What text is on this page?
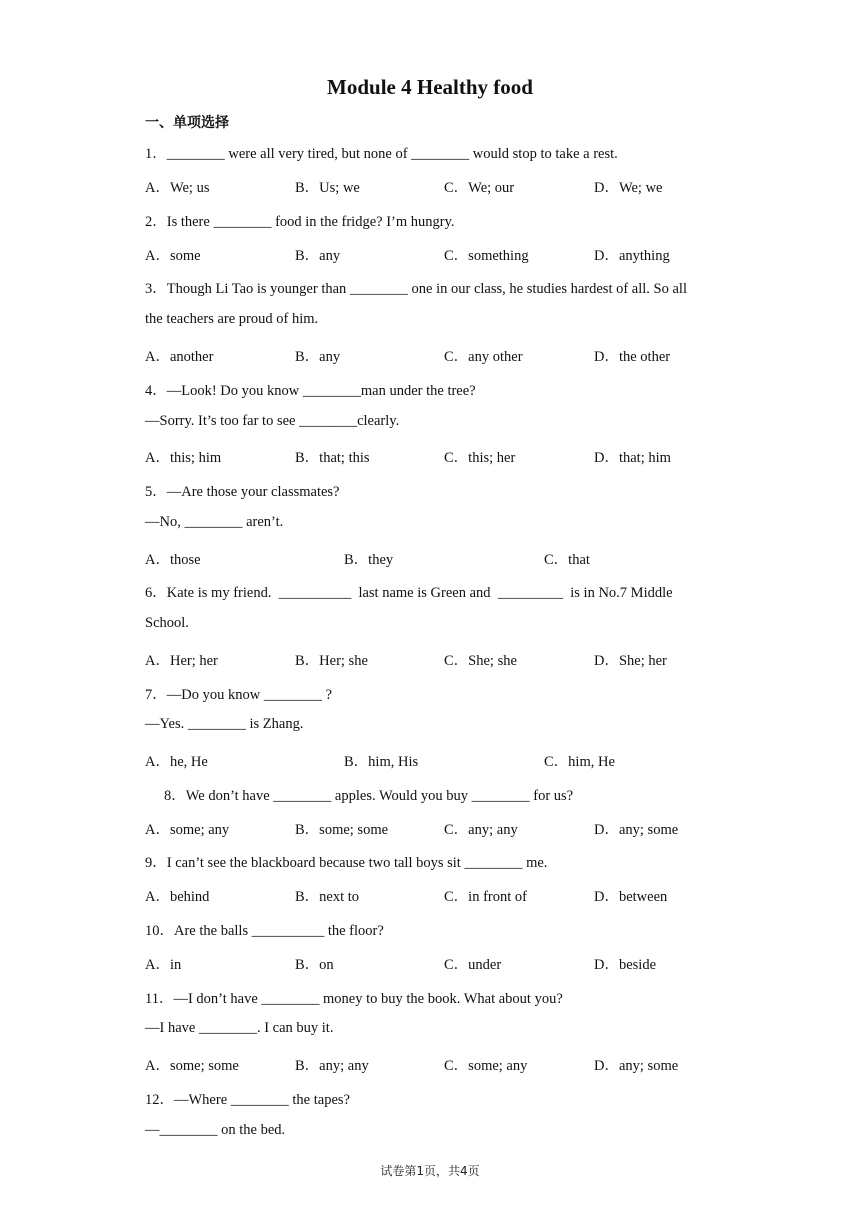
Module 4 Healthy food
一、单项选择
1．________ were all very tired, but none of ________ would stop to take a rest.
A．We; us	B．Us; we	C．We; our	D．We; we
2．Is there ________ food in the fridge? I’m hungry.
A．some	B．any	C．something	D．anything
3．Though Li Tao is younger than ________ one in our class, he studies hardest of all. So all
the teachers are proud of him.
A．another	B．any	C．any other	D．the other
4．—Look! Do you know ________man under the tree?
—Sorry. It’s too far to see ________clearly.
A．this; him	B．that; this	C．this; her	D．that; him
5．—Are those your classmates?
—No, ________ aren’t.
A．those	B．they	C．that
6．Kate is my friend.  __________  last name is Green and  _________  is in No.7 Middle
School.
A．Her; her	B．Her; she	C．She; she	D．She; her
7．—Do you know ________ ?
—Yes. ________ is Zhang.
A．he, He	B．him, His	C．him, He
8．We don’t have ________ apples. Would you buy ________ for us?
A．some; any	B．some; some	C．any; any	D．any; some
9．I can’t see the blackboard because two tall boys sit ________ me.
A．behind	B．next to	C．in front of	D．between
10．Are the balls __________ the floor?
A．in	B．on	C．under	D．beside
11．—I don’t have ________ money to buy the book. What about you?
—I have ________. I can buy it.
A．some; some	B．any; any	C．some; any	D．any; some
12．—Where ________ the tapes?
—________ on the bed.
试卷第1页，共4页
